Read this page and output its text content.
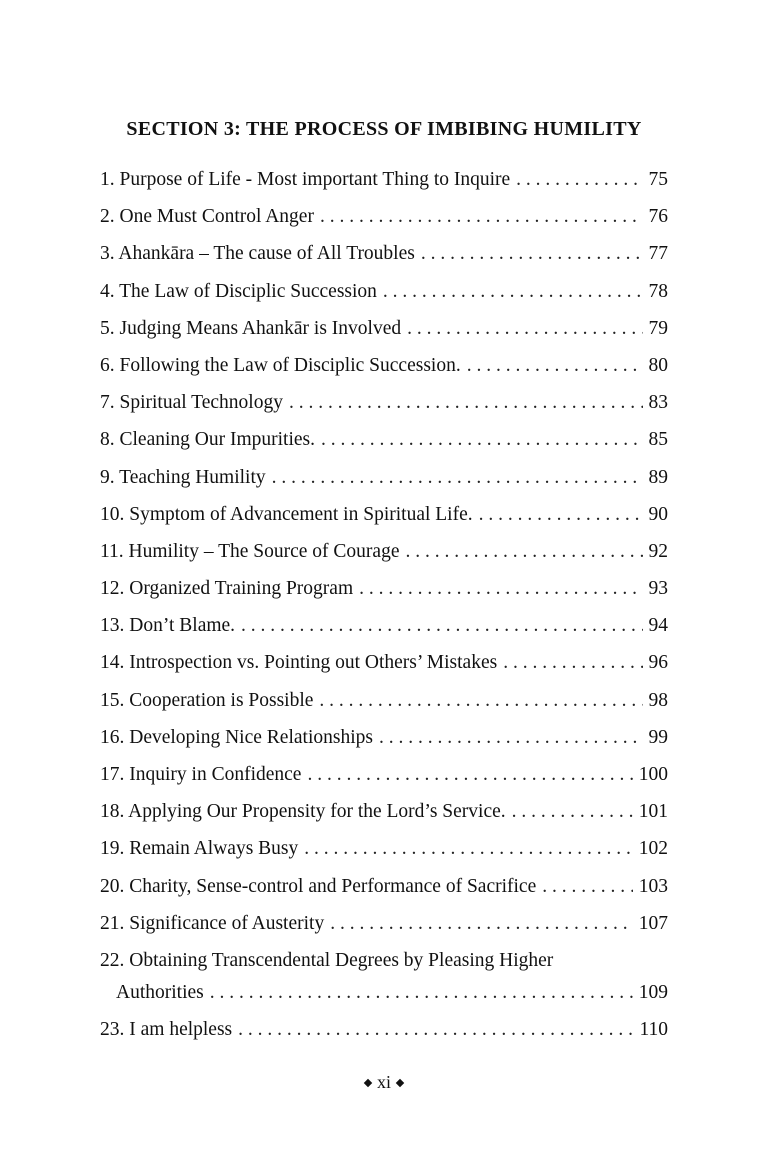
SECTION 3: THE PROCESS OF IMBIBING HUMILITY
1. Purpose of Life - Most important Thing to Inquire . . .	75
2. One Must Control Anger . . .	76
3. Ahankāra – The cause of All Troubles . . .	77
4. The Law of Disciplic Succession . . .	78
5. Judging Means Ahankār is Involved . . .	79
6. Following the Law of Disciplic Succession. . . .	80
7. Spiritual Technology . . .	83
8. Cleaning Our Impurities. . . .	85
9. Teaching Humility . . .	89
10. Symptom of Advancement in Spiritual Life. . . .	90
11. Humility – The Source of Courage . . .	92
12. Organized Training Program . . .	93
13. Don’t Blame. . . .	94
14. Introspection vs. Pointing out Others’ Mistakes . . .	96
15. Cooperation is Possible . . .	98
16. Developing Nice Relationships . . .	99
17. Inquiry in Confidence . . .	100
18. Applying Our Propensity for the Lord’s Service. . . .	101
19. Remain Always Busy . . .	102
20. Charity, Sense-control and Performance of Sacrifice . . .	103
21. Significance of Austerity . . .	107
22. Obtaining Transcendental Degrees by Pleasing Higher
Authorities . . .	109
23. I am helpless . . .	110
xi
